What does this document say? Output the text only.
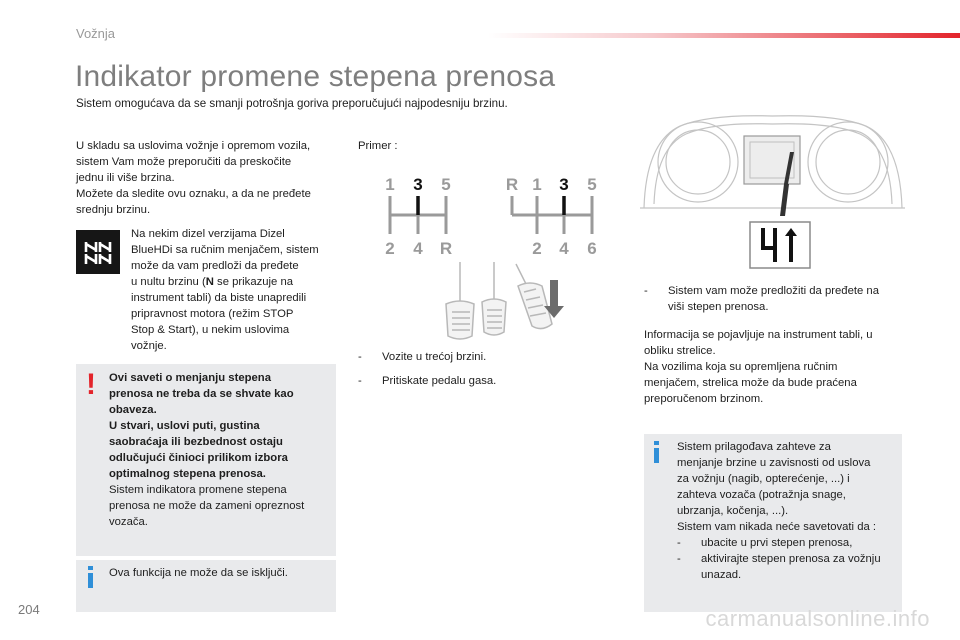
Vožnja
Indikator promene stepena prenosa
Sistem omogućava da se smanji potrošnja goriva preporučujući najpodesniju brzinu.
U skladu sa uslovima vožnje i opremom vozila,
sistem Vam može preporučiti da preskočite
jednu ili više brzina.
Možete da sledite ovu oznaku, a da ne pređete
srednju brzinu.
Na nekim dizel verzijama Dizel
BlueHDi sa ručnim menjačem, sistem
može da vam predloži da pređete
u nultu brzinu (N se prikazuje na
instrument tabli) da biste unapredili
pripravnost motora (režim STOP
Stop & Start), u nekim uslovima
vožnje.
! Ovi saveti o menjanju stepena
prenosa ne treba da se shvate kao
obaveza.
U stvari, uslovi puti, gustina
saobraćaja ili bezbednost ostaju
odlučujući činioci prilikom izbora
optimalnog stepena prenosa.
Sistem indikatora promene stepena
prenosa ne može da zameni opreznost
vozača.
Ova funkcija ne može da se isključi.
Primer :
1 3 5
2 4 R
R 1 3 5
2 4 6
-	Vozite u trećoj brzini.
-	Pritiskate pedalu gasa.
4
-	Sistem vam može predložiti da pređete na
viši stepen prenosa.
Informacija se pojavljuje na instrument tabli, u
obliku strelice.
Na vozilima koja su opremljena ručnim
menjačem, strelica može da bude praćena
preporučenom brzinom.
Sistem prilagođava zahteve za
menjanje brzine u zavisnosti od uslova
za vožnju (nagib, opterećenje, ...) i
zahteva vozača (potražnja snage,
ubrzanja, kočenja, ...).
Sistem vam nikada neće savetovati da :
-	ubacite u prvi stepen prenosa,
-	aktivirajte stepen prenosa za vožnju
unazad.
204	carmanualsonline.info
